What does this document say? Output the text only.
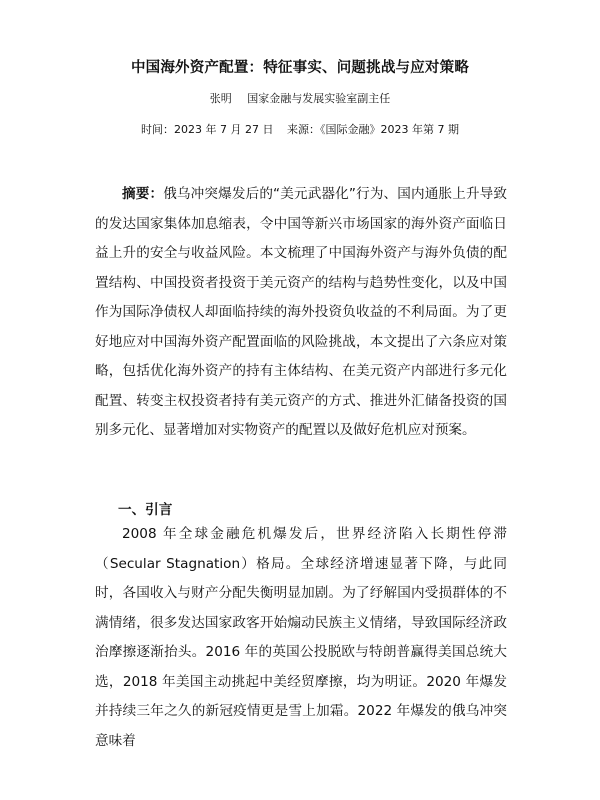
中国海外资产配置：特征事实、问题挑战与应对策略
张明 国家金融与发展实验室副主任
时间：2023 年 7 月 27 日 来源：《国际金融》2023 年第 7 期

摘要：俄乌冲突爆发后的“美元武器化”行为、国内通胀上升导致的发达国家集体加息缩表，令中国等新兴市场国家的海外资产面临日益上升的安全与收益风险。本文梳理了中国海外资产与海外负债的配置结构、中国投资者投资于美元资产的结构与趋势性变化，以及中国作为国际净债权人却面临持续的海外投资负收益的不利局面。为了更好地应对中国海外资产配置面临的风险挑战，本文提出了六条应对策略，包括优化海外资产的持有主体结构、在美元资产内部进行多元化配置、转变主权投资者持有美元资产的方式、推进外汇储备投资的国别多元化、显著增加对实物资产的配置以及做好危机应对预案。

一、引言

2008 年全球金融危机爆发后，世界经济陷入长期性停滞（Secular Stagnation）格局。全球经济增速显著下降，与此同时，各国收入与财产分配失衡明显加剧。为了纾解国内受损群体的不满情绪，很多发达国家政客开始煽动民族主义情绪，导致国际经济政治摩擦逐渐抬头。2016 年的英国公投脱欧与特朗普赢得美国总统大选，2018 年美国主动挑起中美经贸摩擦，均为明证。2020 年爆发并持续三年之久的新冠疫情更是雪上加霜。2022 年爆发的俄乌冲突意味着
